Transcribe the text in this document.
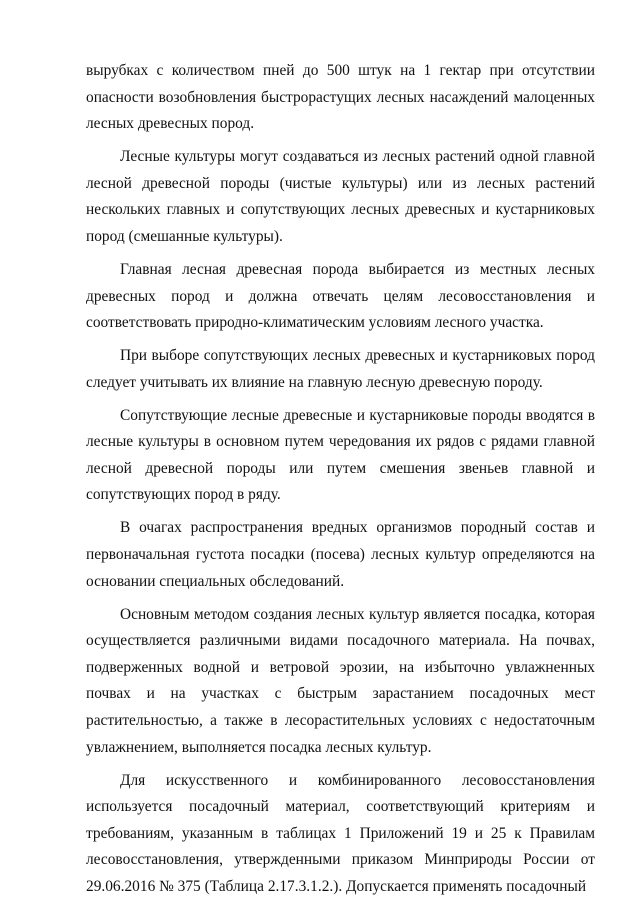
вырубках с количеством пней до 500 штук на 1 гектар при отсутствии опасности возобновления быстрорастущих лесных насаждений малоценных лесных древесных пород.

Лесные культуры могут создаваться из лесных растений одной главной лесной древесной породы (чистые культуры) или из лесных растений нескольких главных и сопутствующих лесных древесных и кустарниковых пород (смешанные культуры).

Главная лесная древесная порода выбирается из местных лесных древесных пород и должна отвечать целям лесовосстановления и соответствовать природно-климатическим условиям лесного участка.

При выборе сопутствующих лесных древесных и кустарниковых пород следует учитывать их влияние на главную лесную древесную породу.

Сопутствующие лесные древесные и кустарниковые породы вводятся в лесные культуры в основном путем чередования их рядов с рядами главной лесной древесной породы или путем смешения звеньев главной и сопутствующих пород в ряду.

В очагах распространения вредных организмов породный состав и первоначальная густота посадки (посева) лесных культур определяются на основании специальных обследований.

Основным методом создания лесных культур является посадка, которая осуществляется различными видами посадочного материала. На почвах, подверженных водной и ветровой эрозии, на избыточно увлажненных почвах и на участках с быстрым зарастанием посадочных мест растительностью, а также в лесорастительных условиях с недостаточным увлажнением, выполняется посадка лесных культур.

Для искусственного и комбинированного лесовосстановления используется посадочный материал, соответствующий критериям и требованиям, указанным в таблицах 1 Приложений 19 и 25 к Правилам лесовосстановления, утвержденными приказом Минприроды России от 29.06.2016 № 375 (Таблица 2.17.3.1.2.). Допускается применять посадочный
